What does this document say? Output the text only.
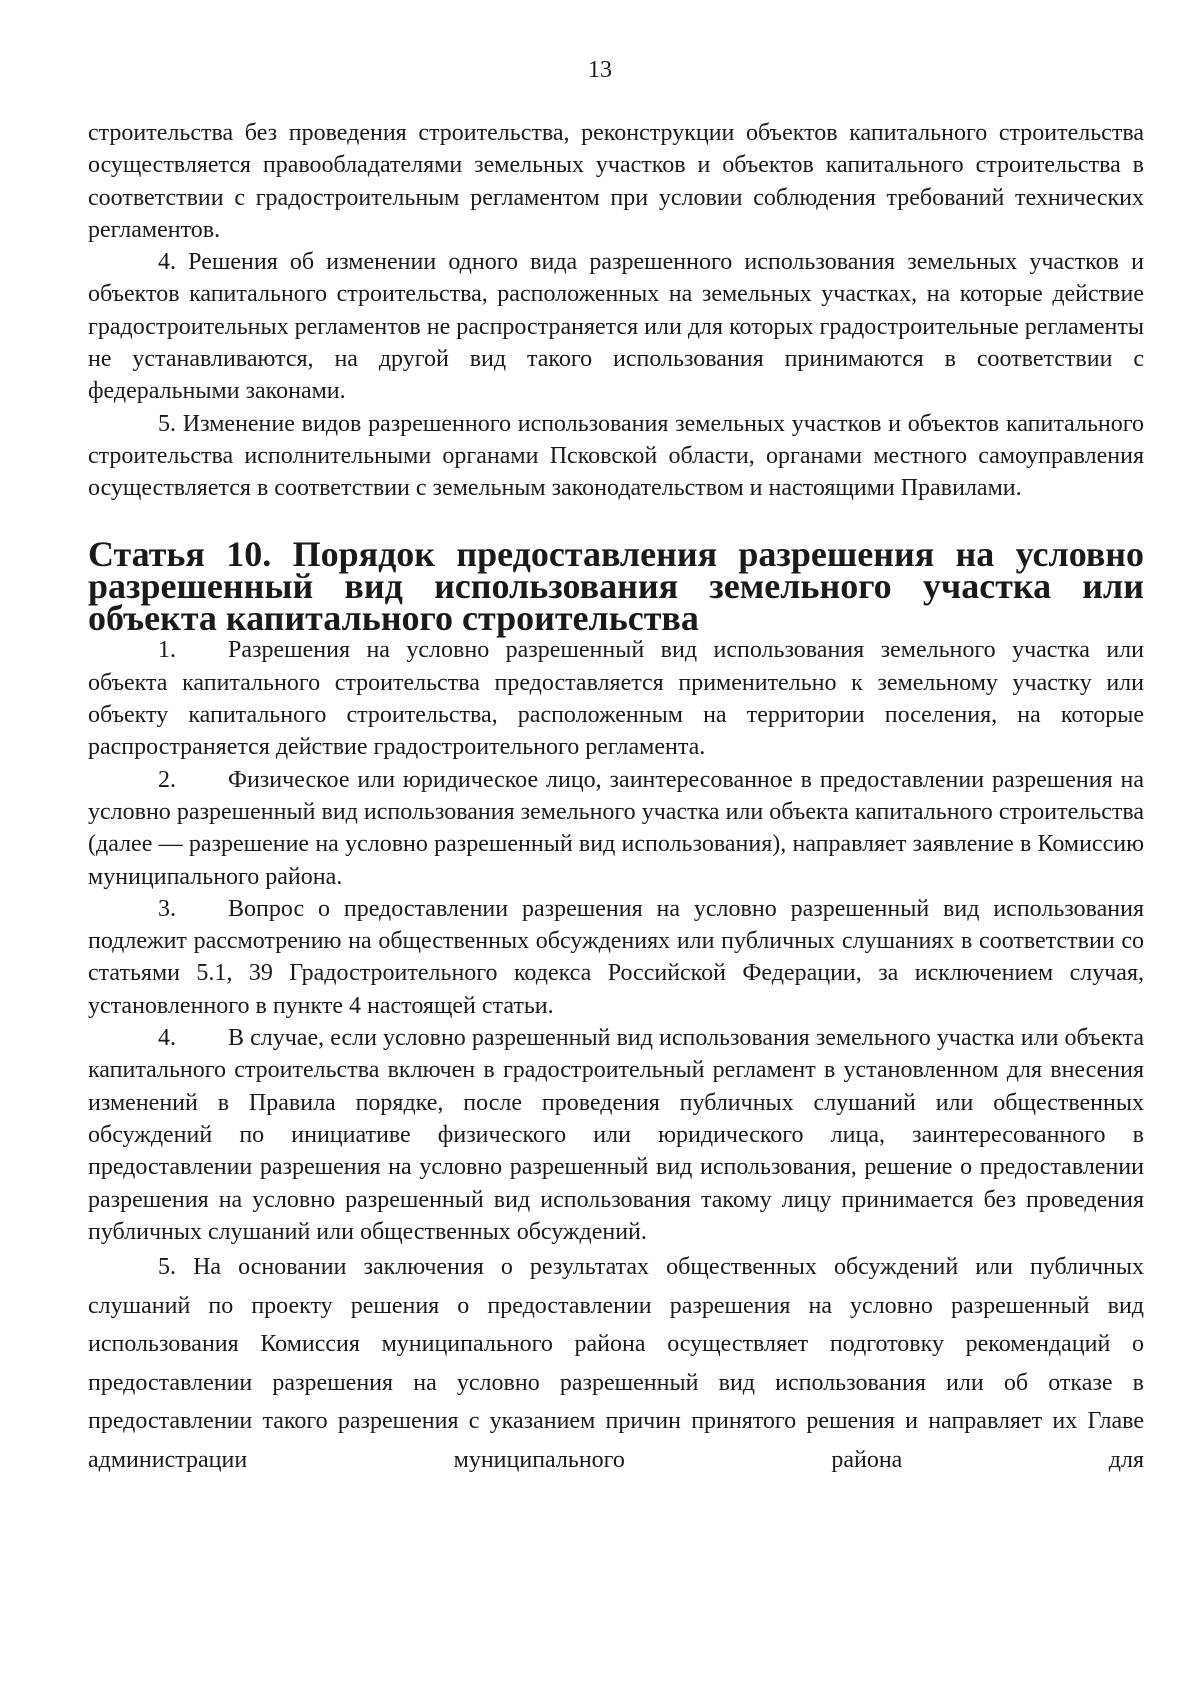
13

строительства без проведения строительства, реконструкции объектов капитального строительства осуществляется правообладателями земельных участков и объектов капитального строительства в соответствии с градостроительным регламентом при условии соблюдения требований технических регламентов.

4. Решения об изменении одного вида разрешенного использования земельных участков и объектов капитального строительства, расположенных на земельных участках, на которые действие градостроительных регламентов не распространяется или для которых градостроительные регламенты не устанавливаются, на другой вид такого использования принимаются в соответствии с федеральными законами.

5. Изменение видов разрешенного использования земельных участков и объектов капитального строительства исполнительными органами Псковской области, органами местного самоуправления осуществляется в соответствии с земельным законодательством и настоящими Правилами.

Статья 10. Порядок предоставления разрешения на условно разрешенный вид использования земельного участка или объекта капитального строительства

1. Разрешения на условно разрешенный вид использования земельного участка или объекта капитального строительства предоставляется применительно к земельному участку или объекту капитального строительства, расположенным на территории поселения, на которые распространяется действие градостроительного регламента.

2. Физическое или юридическое лицо, заинтересованное в предоставлении разрешения на условно разрешенный вид использования земельного участка или объекта капитального строительства (далее — разрешение на условно разрешенный вид использования), направляет заявление в Комиссию муниципального района.

3. Вопрос о предоставлении разрешения на условно разрешенный вид использования подлежит рассмотрению на общественных обсуждениях или публичных слушаниях в соответствии со статьями 5.1, 39 Градостроительного кодекса Российской Федерации, за исключением случая, установленного в пункте 4 настоящей статьи.

4. В случае, если условно разрешенный вид использования земельного участка или объекта капитального строительства включен в градостроительный регламент в установленном для внесения изменений в Правила порядке, после проведения публичных слушаний или общественных обсуждений по инициативе физического или юридического лица, заинтересованного в предоставлении разрешения на условно разрешенный вид использования, решение о предоставлении разрешения на условно разрешенный вид использования такому лицу принимается без проведения публичных слушаний или общественных обсуждений.

5. На основании заключения о результатах общественных обсуждений или публичных слушаний по проекту решения о предоставлении разрешения на условно разрешенный вид использования Комиссия муниципального района осуществляет подготовку рекомендаций о предоставлении разрешения на условно разрешенный вид использования или об отказе в предоставлении такого разрешения с указанием причин принятого решения и направляет их Главе администрации муниципального района для
